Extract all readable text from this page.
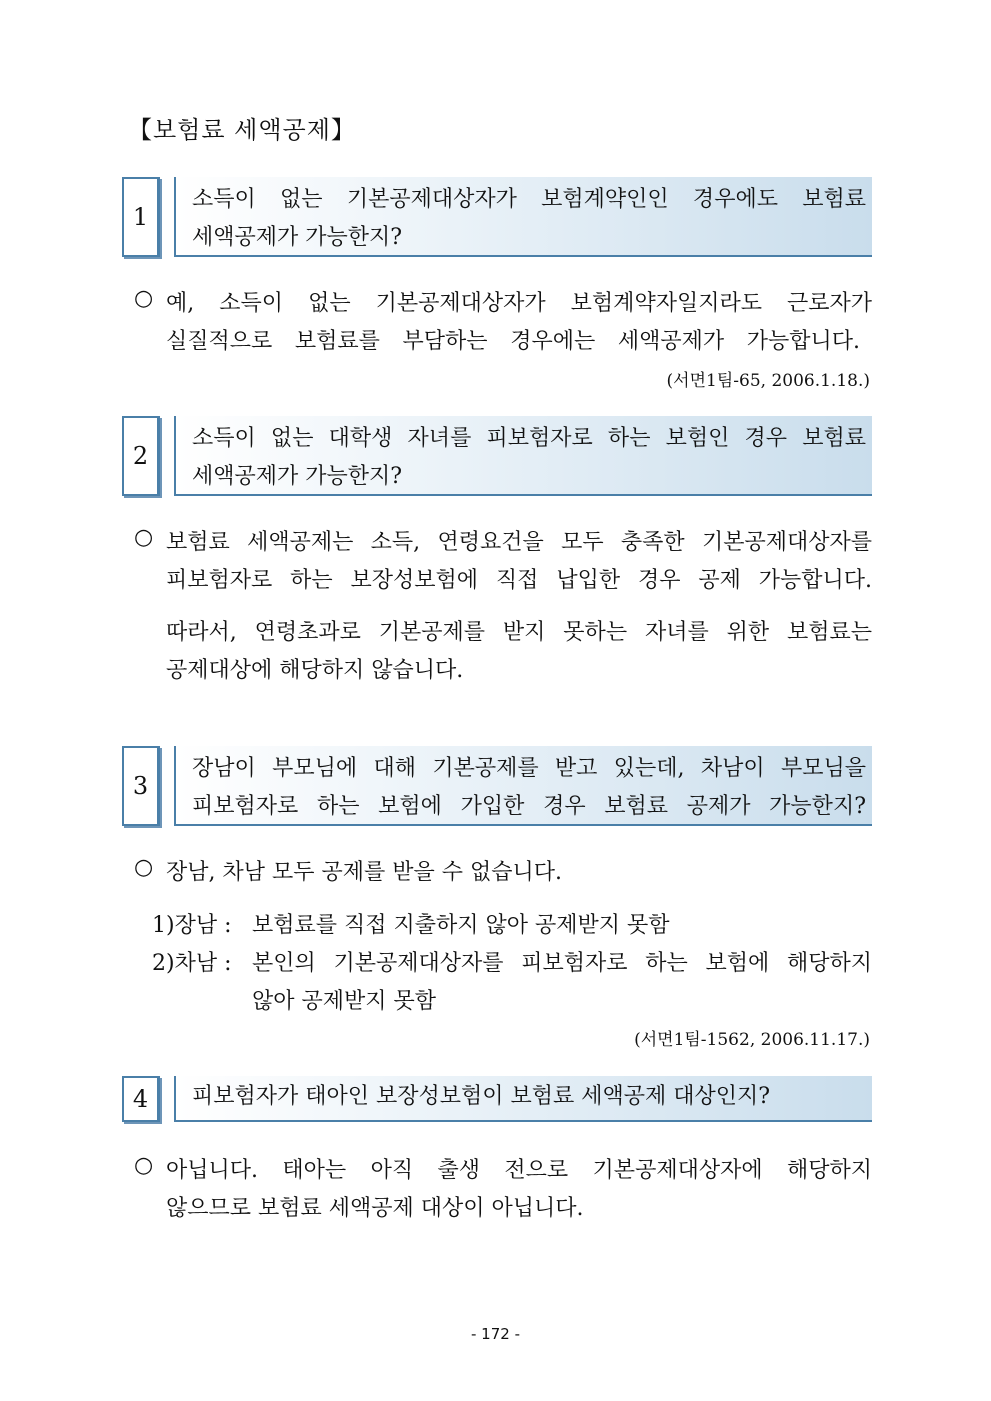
【보험료 세액공제】
1
소득이 없는 기본공제대상자가 보험계약인인 경우에도 보험료
세액공제가 가능한지?
○ 예, 소득이 없는 기본공제대상자가 보험계약자일지라도 근로자가
실질적으로 보험료를 부담하는 경우에는 세액공제가 가능합니다.
(서면1팀-65, 2006.1.18.)
2
소득이 없는 대학생 자녀를 피보험자로 하는 보험인 경우 보험료
세액공제가 가능한지?
○ 보험료 세액공제는 소득, 연령요건을 모두 충족한 기본공제대상자를
피보험자로 하는 보장성보험에 직접 납입한 경우 공제 가능합니다.
따라서, 연령초과로 기본공제를 받지 못하는 자녀를 위한 보험료는
공제대상에 해당하지 않습니다.
3
장남이 부모님에 대해 기본공제를 받고 있는데, 차남이 부모님을
피보험자로 하는 보험에 가입한 경우 보험료 공제가 가능한지?
○ 장남, 차남 모두 공제를 받을 수 없습니다.
1)장남 : 보험료를 직접 지출하지 않아 공제받지 못함
2)차남 : 본인의 기본공제대상자를 피보험자로 하는 보험에 해당하지
않아 공제받지 못함
(서면1팀-1562, 2006.11.17.)
4	피보험자가 태아인 보장성보험이 보험료 세액공제 대상인지?
○ 아닙니다. 태아는 아직 출생 전으로 기본공제대상자에 해당하지
않으므로 보험료 세액공제 대상이 아닙니다.
- 172 -
